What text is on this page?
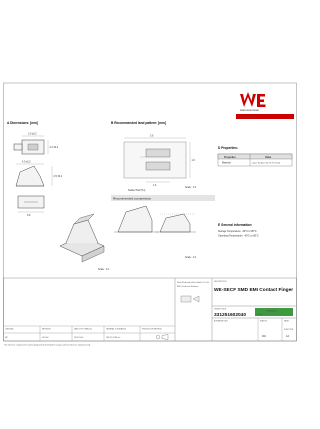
WÜRTH ELEKTRONIK
more than you expect
A Dimensions: [mm]
3.0 ±0.2
2.2 ±0.2
4.0 ±0.2
2.5 ±0.2
0.6
Scale : 4:1
B Recommended land pattern: [mm]
3.6
1.6
1.6
Solder Pad (Tin)
Scale : 4:1
Recommended compression
Scale : 4:1
D Properties:
Properties	Value
Material	Copper Beryllium (Ni 3% Sn Plated)
E General information:
Storage Temperature: -40°C to 85°C
Operating Temperature: -40°C to 85°C
CHECKED	REVISION	DATE (YYYY-MM-DD)	GENERAL TOLERANCE	PROJECTION METHOD
MK	001.000	2015-03-04	DIN ISO 2768-1m
Würth Elektronik eiSos GmbH & Co. KG
EMC & Inductive Solutions
DESCRIPTION
WE-SECF SMD EMI Contact Finger
ORDER CODE
331251602040
COMPLIANT
RoHS
BUSINESS UNIT	STATUS	PAGE
SIZE/TYPE
A4
001
This electronic component has been designed and developed for usage in general electronic equipment only.
